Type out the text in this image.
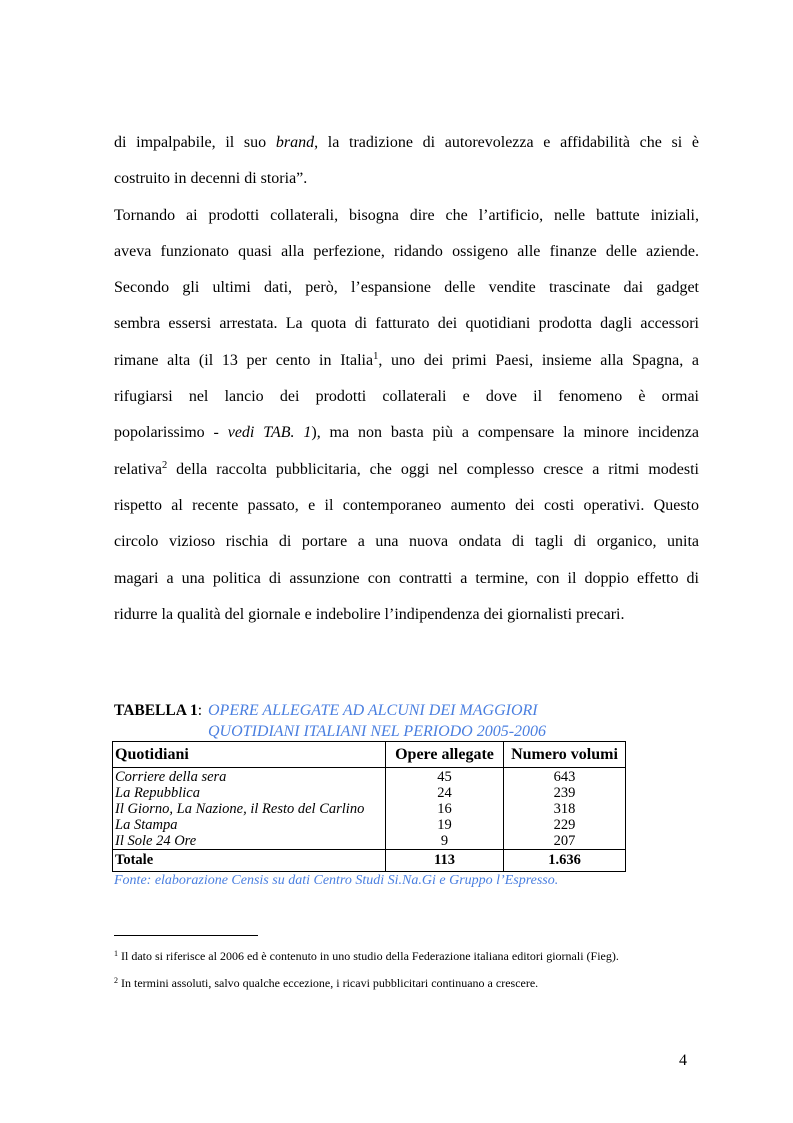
di impalpabile, il suo brand, la tradizione di autorevolezza e affidabilità che si è
costruito in decenni di storia”.
Tornando ai prodotti collaterali, bisogna dire che l’artificio, nelle battute iniziali,
aveva funzionato quasi alla perfezione, ridando ossigeno alle finanze delle aziende.
Secondo gli ultimi dati, però, l’espansione delle vendite trascinate dai gadget
sembra essersi arrestata. La quota di fatturato dei quotidiani prodotta dagli accessori
rimane alta (il 13 per cento in Italia$^1$, uno dei primi Paesi, insieme alla Spagna, a
rifugiarsi nel lancio dei prodotti collaterali e dove il fenomeno è ormai
popolarissimo - vedi TAB. 1), ma non basta più a compensare la minore incidenza
relativa$^2$ della raccolta pubblicitaria, che oggi nel complesso cresce a ritmi modesti
rispetto al recente passato, e il contemporaneo aumento dei costi operativi. Questo
circolo vizioso rischia di portare a una nuova ondata di tagli di organico, unita
magari a una politica di assunzione con contratti a termine, con il doppio effetto di
ridurre la qualità del giornale e indebolire l’indipendenza dei giornalisti precari.
TABELLA 1: OPERE ALLEGATE AD ALCUNI DEI MAGGIORI
QUOTIDIANI ITALIANI NEL PERIODO 2005-2006
Quotidiani	Opere allegate	Numero volumi
Corriere della sera	45	643
La Repubblica	24	239
Il Giorno, La Nazione, il Resto del Carlino	16	318
La Stampa	19	229
Il Sole 24 Ore	9	207
Totale	113	1.636
Fonte: elaborazione Censis su dati Centro Studi Si.Na.Gi e Gruppo l’Espresso.
$^1$ Il dato si riferisce al 2006 ed è contenuto in uno studio della Federazione italiana editori giornali (Fieg).
$^2$ In termini assoluti, salvo qualche eccezione, i ricavi pubblicitari continuano a crescere.
4
